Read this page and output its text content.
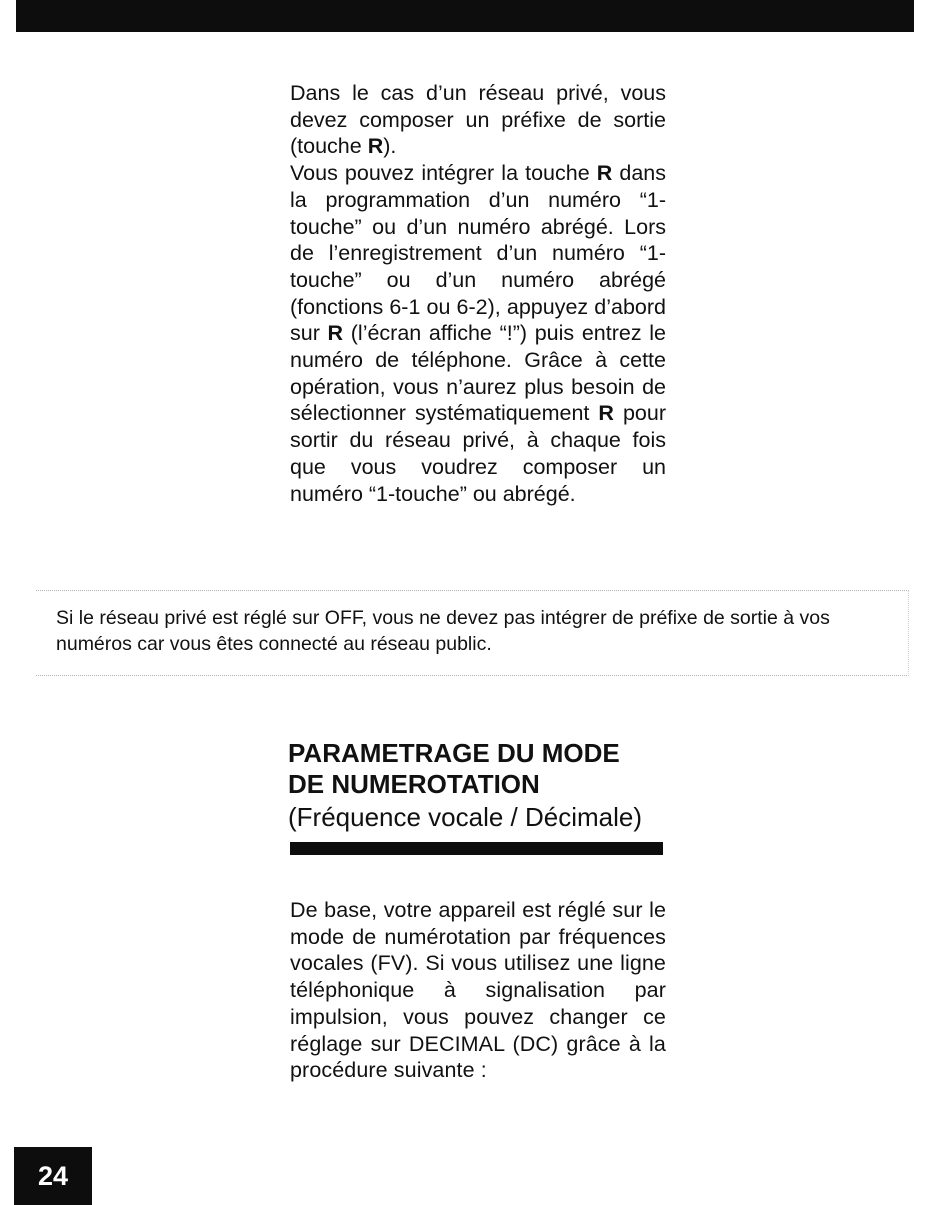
Dans le cas d’un réseau privé, vous devez composer un préfixe de sortie (touche R).

Vous pouvez intégrer la touche R dans la programmation d’un numéro “1-touche” ou d’un numéro abrégé. Lors de l’enregistrement d’un numéro “1-touche” ou d’un numéro abrégé (fonctions 6-1 ou 6-2), appuyez d’abord sur R (l’écran affiche “!”) puis entrez le numéro de téléphone. Grâce à cette opération, vous n’aurez plus besoin de sélectionner systématiquement R pour sortir du réseau privé, à chaque fois que vous voudrez composer un numéro “1-touche” ou abrégé.

Si le réseau privé est réglé sur OFF, vous ne devez pas intégrer de préfixe de sortie à vos numéros car vous êtes connecté au réseau public.
PARAMETRAGE DU MODE
DE NUMEROTATION
(Fréquence vocale / Décimale)

De base, votre appareil est réglé sur le mode de numérotation par fréquences vocales (FV). Si vous utilisez une ligne téléphonique à signalisation par impulsion, vous pouvez changer ce réglage sur DECIMAL (DC) grâce à la procédure suivante :

24
